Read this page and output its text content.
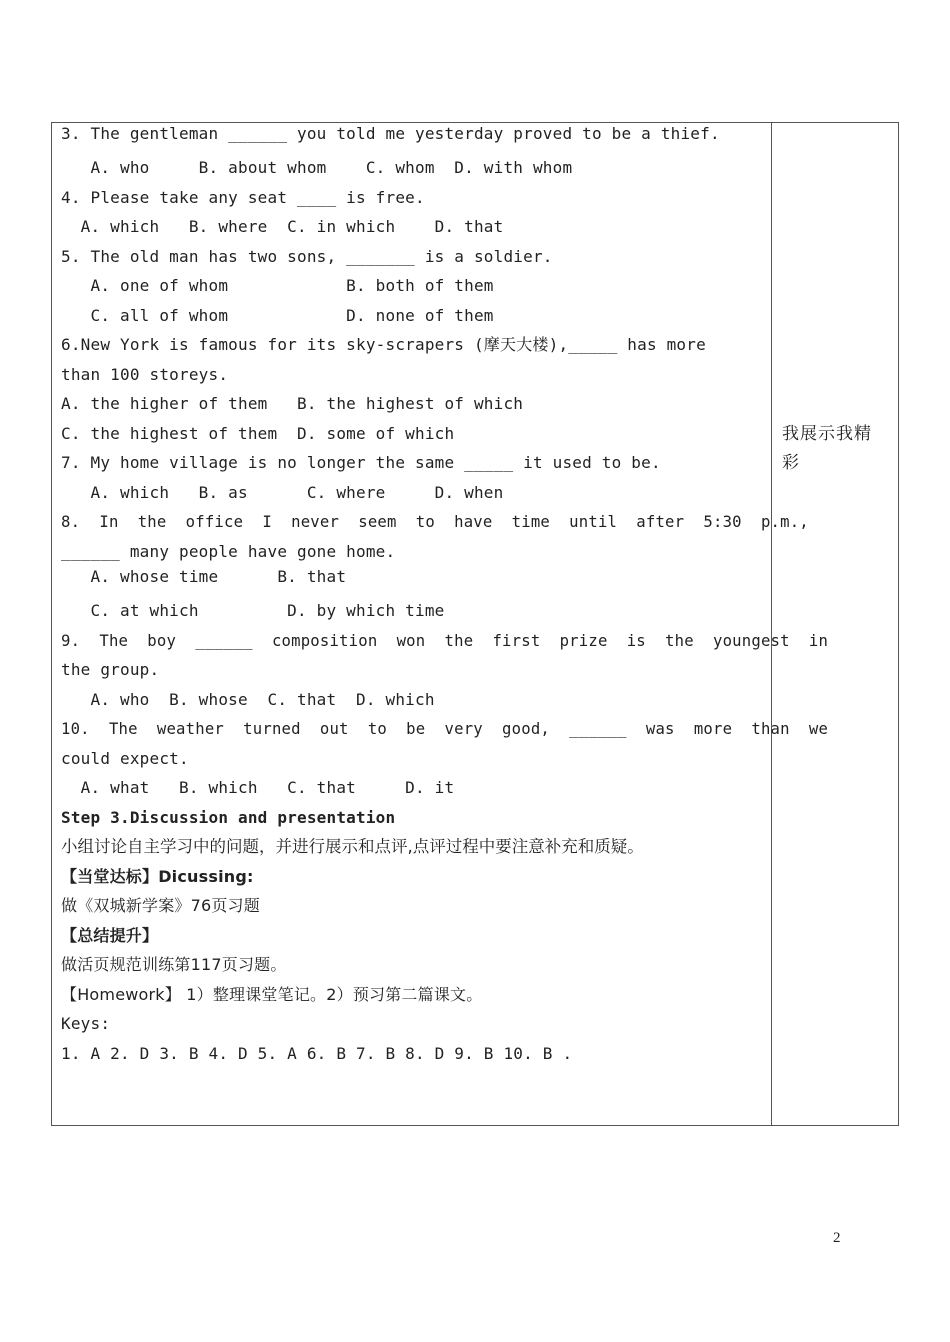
3. The gentleman ______ you told me yesterday proved to be a thief.
A. who     B. about whom    C. whom  D. with whom
4. Please take any seat ____ is free.
A. which   B. where  C. in which    D. that
5. The old man has two sons, _______ is a soldier.
A. one of whom            B. both of them
C. all of whom            D. none of them
6.New York is famous for its sky-scrapers (摩天大楼),_____ has more
than 100 storeys.
A. the higher of them   B. the highest of which
C. the highest of them  D. some of which
7. My home village is no longer the same _____ it used to be.
A. which   B. as      C. where     D. when
8.  In  the  office  I  never  seem  to  have  time  until  after  5:30  p.m.,
______ many people have gone home.
A. whose time      B. that
C. at which         D. by which time
9.  The  boy  ______  composition  won  the  first  prize  is  the  youngest  in
the group.
A. who  B. whose  C. that  D. which
10.  The  weather  turned  out  to  be  very  good,  ______  was  more  than  we
could expect.
A. what   B. which   C. that     D. it
Step 3.Discussion and presentation
小组讨论自主学习中的问题，并进行展示和点评,点评过程中要注意补充和质疑。
【当堂达标】Dicussing:
做《双城新学案》76页习题
【总结提升】
做活页规范训练第117页习题。
【Homework】 1）整理课堂笔记。2）预习第二篇课文。
Keys:
1. A 2. D 3. B 4. D 5. A 6. B 7. B 8. D 9. B 10. B .
我展示我精
彩
2
